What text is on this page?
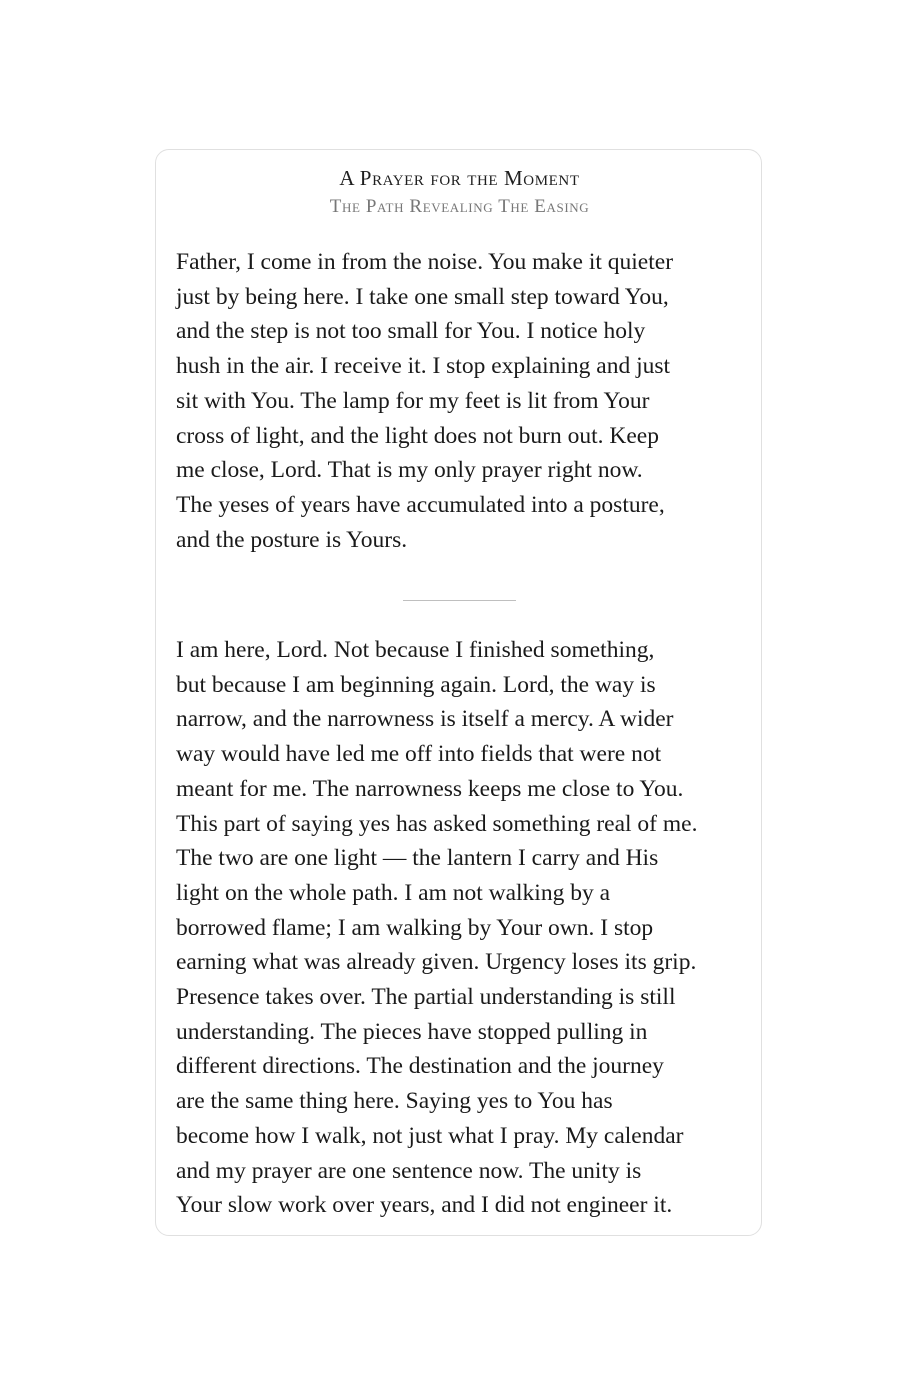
A Prayer for the Moment
The Path Revealing The Easing

Father, I come in from the noise. You make it quieter
just by being here. I take one small step toward You,
and the step is not too small for You. I notice holy
hush in the air. I receive it. I stop explaining and just
sit with You. The lamp for my feet is lit from Your
cross of light, and the light does not burn out. Keep
me close, Lord. That is my only prayer right now.
The yeses of years have accumulated into a posture,
and the posture is Yours.

I am here, Lord. Not because I finished something,
but because I am beginning again. Lord, the way is
narrow, and the narrowness is itself a mercy. A wider
way would have led me off into fields that were not
meant for me. The narrowness keeps me close to You.
This part of saying yes has asked something real of me.
The two are one light — the lantern I carry and His
light on the whole path. I am not walking by a
borrowed flame; I am walking by Your own. I stop
earning what was already given. Urgency loses its grip.
Presence takes over. The partial understanding is still
understanding. The pieces have stopped pulling in
different directions. The destination and the journey
are the same thing here. Saying yes to You has
become how I walk, not just what I pray. My calendar
and my prayer are one sentence now. The unity is
Your slow work over years, and I did not engineer it.
